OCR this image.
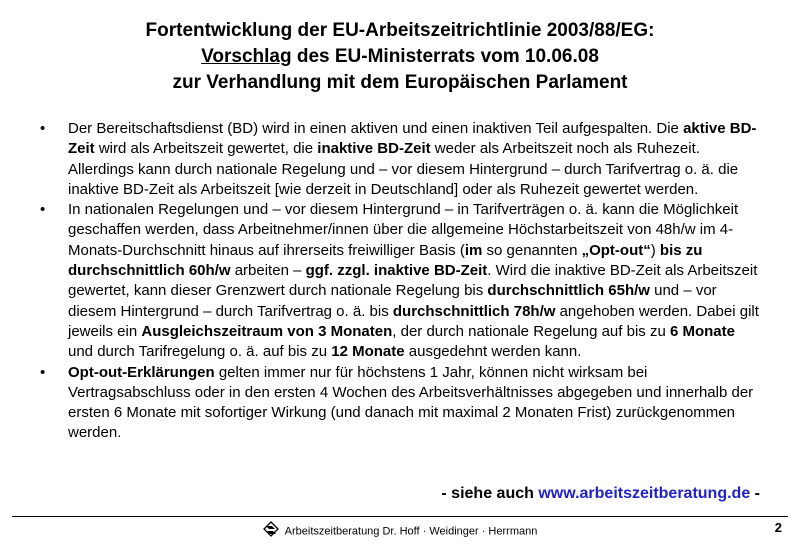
Fortentwicklung der EU-Arbeitszeitrichtlinie 2003/88/EG:
Vorschlag des EU-Ministerrats vom 10.06.08
zur Verhandlung mit dem Europäischen Parlament
•	Der Bereitschaftsdienst (BD) wird in einen aktiven und einen inaktiven Teil aufgespalten. Die aktive BD-Zeit wird als Arbeitszeit gewertet, die inaktive BD-Zeit weder als Arbeitszeit noch als Ruhezeit. Allerdings kann durch nationale Regelung und – vor diesem Hintergrund – durch Tarifvertrag o. ä. die inaktive BD-Zeit als Arbeitszeit [wie derzeit in Deutschland] oder als Ruhezeit gewertet werden.
•	In nationalen Regelungen und – vor diesem Hintergrund – in Tarifverträgen o. ä. kann die Möglichkeit geschaffen werden, dass Arbeitnehmer/innen über die allgemeine Höchstarbeitszeit von 48h/w im 4-Monats-Durchschnitt hinaus auf ihrerseits freiwilliger Basis (im so genannten „Opt-out“) bis zu durchschnittlich 60h/w arbeiten – ggf. zzgl. inaktive BD-Zeit. Wird die inaktive BD-Zeit als Arbeitszeit gewertet, kann dieser Grenzwert durch nationale Regelung bis durchschnittlich 65h/w und – vor diesem Hintergrund – durch Tarifvertrag o. ä. bis durchschnittlich 78h/w angehoben werden. Dabei gilt jeweils ein Ausgleichszeitraum von 3 Monaten, der durch nationale Regelung auf bis zu 6 Monate und durch Tarifregelung o. ä. auf bis zu 12 Monate ausgedehnt werden kann.
•	Opt-out-Erklärungen gelten immer nur für höchstens 1 Jahr, können nicht wirksam bei Vertragsabschluss oder in den ersten 4 Wochen des Arbeitsverhältnisses abgegeben und innerhalb der ersten 6 Monate mit sofortiger Wirkung (und danach mit maximal 2 Monaten Frist) zurückgenommen werden.
- siehe auch www.arbeitszeitberatung.de -
Arbeitszeitberatung Dr. Hoff · Weidinger · Herrmann	2
